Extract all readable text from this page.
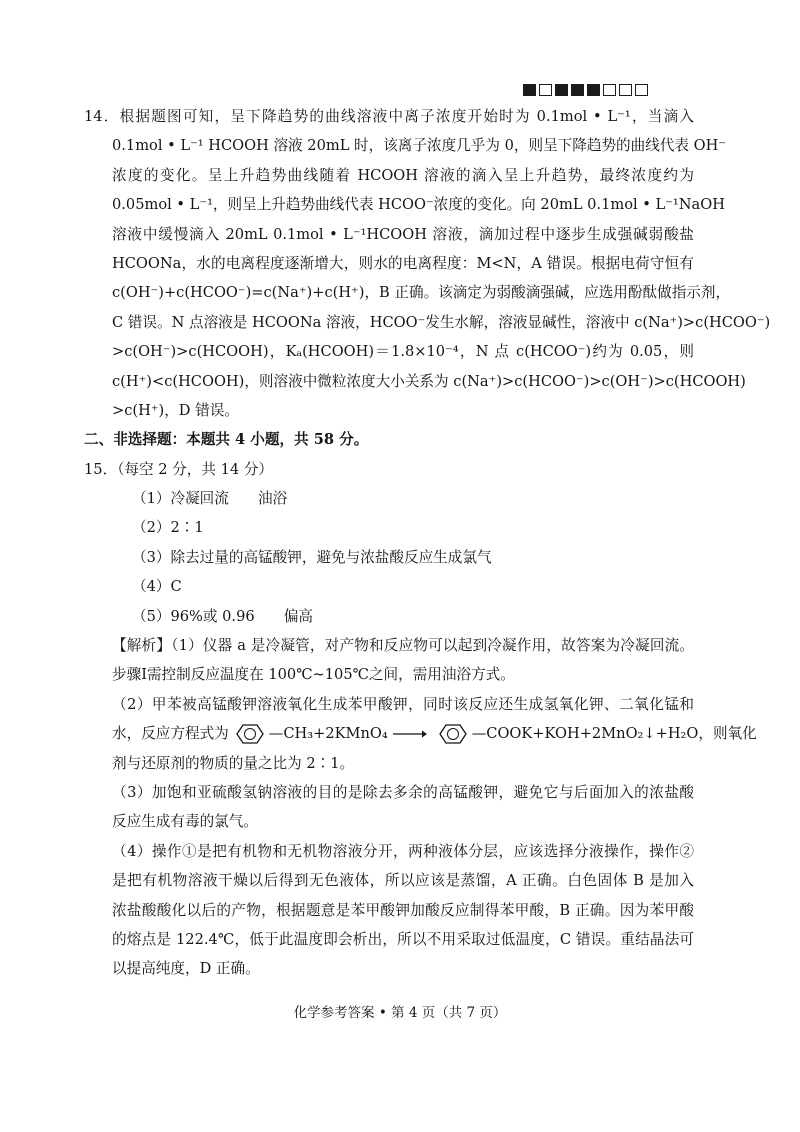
14．根据题图可知，呈下降趋势的曲线溶液中离子浓度开始时为 0.1mol • L⁻¹，当滴入
0.1mol • L⁻¹ HCOOH 溶液 20mL 时，该离子浓度几乎为 0，则呈下降趋势的曲线代表 OH⁻
浓度的变化。呈上升趋势曲线随着 HCOOH 溶液的滴入呈上升趋势，最终浓度约为
0.05mol • L⁻¹，则呈上升趋势曲线代表 HCOO⁻浓度的变化。向 20mL 0.1mol • L⁻¹NaOH
溶液中缓慢滴入 20mL 0.1mol • L⁻¹HCOOH 溶液，滴加过程中逐步生成强碱弱酸盐
HCOONa，水的电离程度逐渐增大，则水的电离程度：M<N，A 错误。根据电荷守恒有
c(OH⁻)+c(HCOO⁻)=c(Na⁺)+c(H⁺)，B 正确。该滴定为弱酸滴强碱，应选用酚酞做指示剂，
C 错误。N 点溶液是 HCOONa 溶液，HCOO⁻发生水解，溶液显碱性，溶液中 c(Na⁺)>c(HCOO⁻)
>c(OH⁻)>c(HCOOH)，Kₐ(HCOOH)＝1.8×10⁻⁴，N 点 c(HCOO⁻)约为 0.05，则
c(H⁺)<c(HCOOH)，则溶液中微粒浓度大小关系为 c(Na⁺)>c(HCOO⁻)>c(OH⁻)>c(HCOOH)
>c(H⁺)，D 错误。
二、非选择题：本题共 4 小题，共 58 分。
15．（每空 2 分，共 14 分）
（1）冷凝回流　　油浴
（2）2∶1
（3）除去过量的高锰酸钾，避免与浓盐酸反应生成氯气
（4）C
（5）96%或 0.96　　偏高
【解析】（1）仪器 a 是冷凝管，对产物和反应物可以起到冷凝作用，故答案为冷凝回流。
步骤Ⅰ需控制反应温度在 100℃~105℃之间，需用油浴方式。
（2）甲苯被高锰酸钾溶液氧化生成苯甲酸钾，同时该反应还生成氢氧化钾、二氧化锰和
水，反应方程式为	—CH₃+2KMnO₄ →	—COOK+KOH+2MnO₂↓+H₂O，则氧化
剂与还原剂的物质的量之比为 2∶1。
（3）加饱和亚硫酸氢钠溶液的目的是除去多余的高锰酸钾，避免它与后面加入的浓盐酸
反应生成有毒的氯气。
（4）操作①是把有机物和无机物溶液分开，两种液体分层，应该选择分液操作，操作②
是把有机物溶液干燥以后得到无色液体，所以应该是蒸馏，A 正确。白色固体 B 是加入
浓盐酸酸化以后的产物，根据题意是苯甲酸钾加酸反应制得苯甲酸，B 正确。因为苯甲酸
的熔点是 122.4℃，低于此温度即会析出，所以不用采取过低温度，C 错误。重结晶法可
以提高纯度，D 正确。
化学参考答案 • 第 4 页（共 7 页）
